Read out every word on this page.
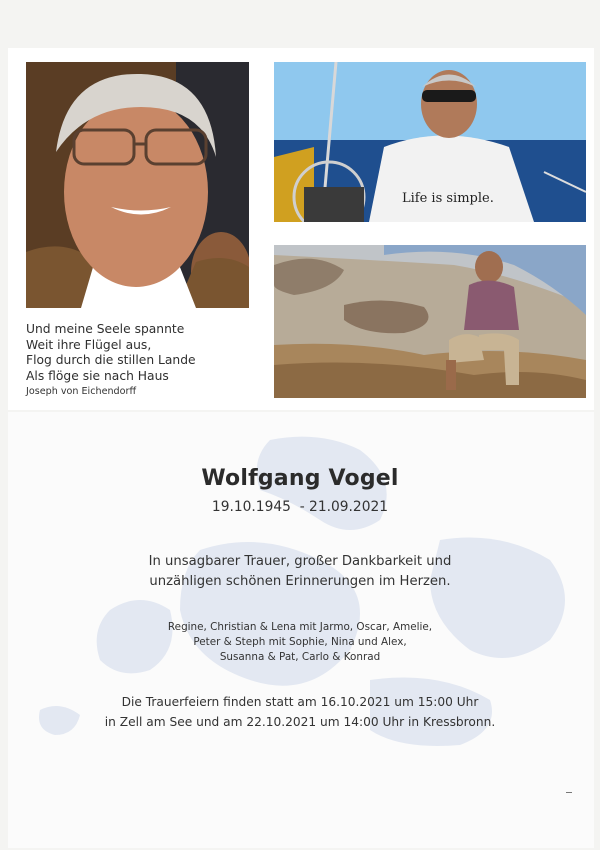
Life is simple.
Und meine Seele spannte
Weit ihre Flügel aus,
Flog durch die stillen Lande
Als flöge sie nach Haus
Joseph von Eichendorff
Wolfgang Vogel
19.10.1945  - 21.09.2021
In unsagbarer Trauer, großer Dankbarkeit und
unzähligen schönen Erinnerungen im Herzen.
Regine, Christian & Lena mit Jarmo, Oscar, Amelie,
Peter & Steph mit Sophie, Nina und Alex,
Susanna & Pat, Carlo & Konrad
Die Trauerfeiern finden statt am 16.10.2021 um 15:00 Uhr
in Zell am See und am 22.10.2021 um 14:00 Uhr in Kressbronn.
